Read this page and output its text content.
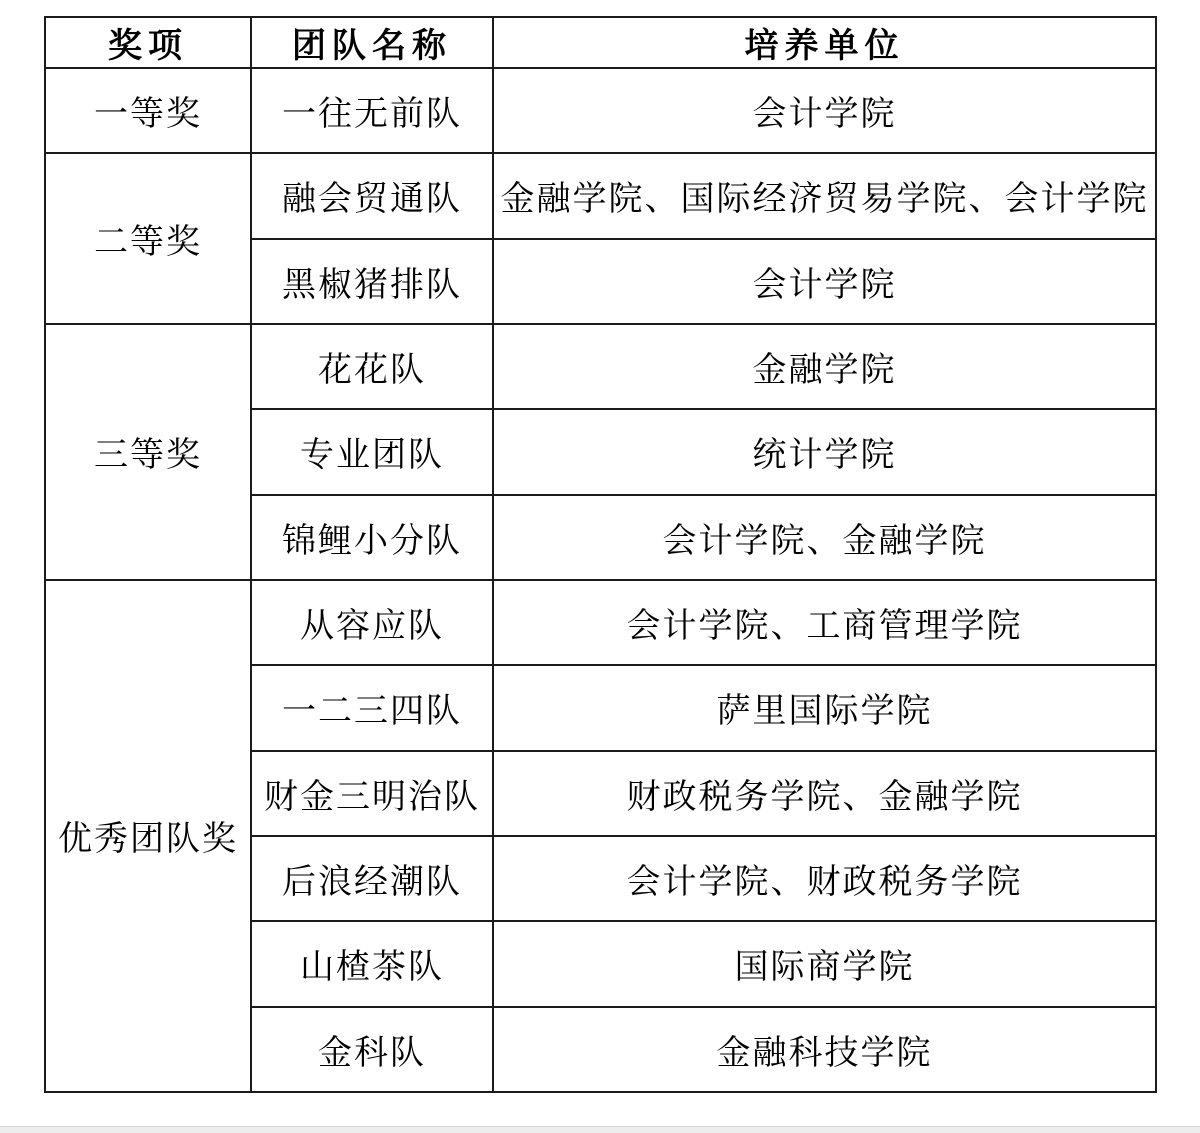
奖项	团队名称	培养单位
一等奖	一往无前队	会计学院
二等奖	融会贸通队	金融学院、国际经济贸易学院、会计学院
	黑椒猪排队	会计学院
三等奖	花花队	金融学院
	专业团队	统计学院
	锦鲤小分队	会计学院、金融学院
优秀团队奖	从容应队	会计学院、工商管理学院
	一二三四队	萨里国际学院
	财金三明治队	财政税务学院、金融学院
	后浪经潮队	会计学院、财政税务学院
	山楂茶队	国际商学院
	金科队	金融科技学院
